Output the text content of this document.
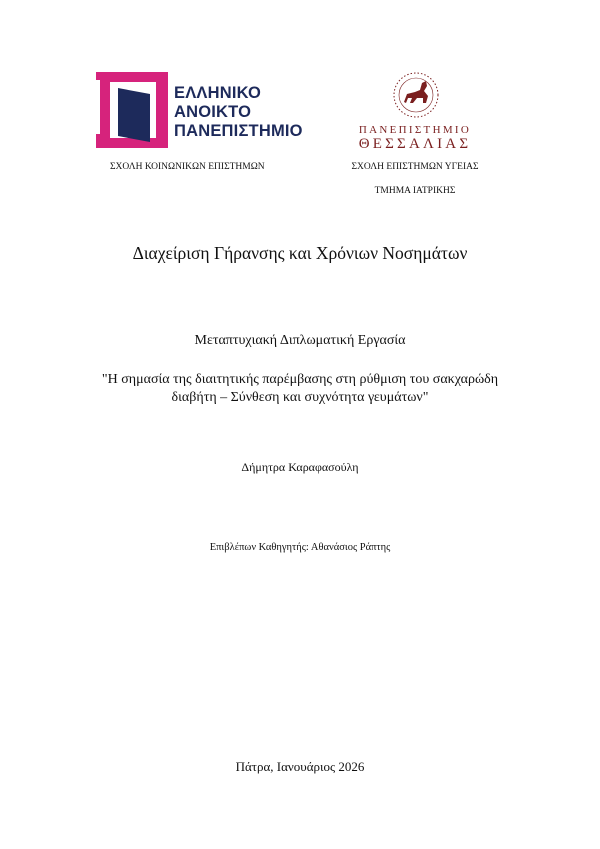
ΕΛΛΗΝΙΚΟ
ΑΝΟΙΚΤΟ
ΠΑΝΕΠΙΣΤΗΜΙΟ	ΠΑΝΕΠΙΣΤΗΜΙΟ
ΘΕΣΣΑΛΙΑΣ
ΣΧΟΛΗ ΚΟΙΝΩΝΙΚΩΝ ΕΠΙΣΤΗΜΩΝ	ΣΧΟΛΗ ΕΠΙΣΤΗΜΩΝ ΥΓΕΙΑΣ
ΤΜΗΜΑ ΙΑΤΡΙΚΗΣ
Διαχείριση Γήρανσης και Χρόνιων Νοσημάτων
Μεταπτυχιακή Διπλωματική Εργασία
"Η σημασία της διαιτητικής παρέμβασης στη ρύθμιση του σακχαρώδη διαβήτη – Σύνθεση και συχνότητα γευμάτων"
Δήμητρα Καραφασούλη
Επιβλέπων Καθηγητής: Αθανάσιος Ράπτης
Πάτρα, Ιανουάριος 2026
